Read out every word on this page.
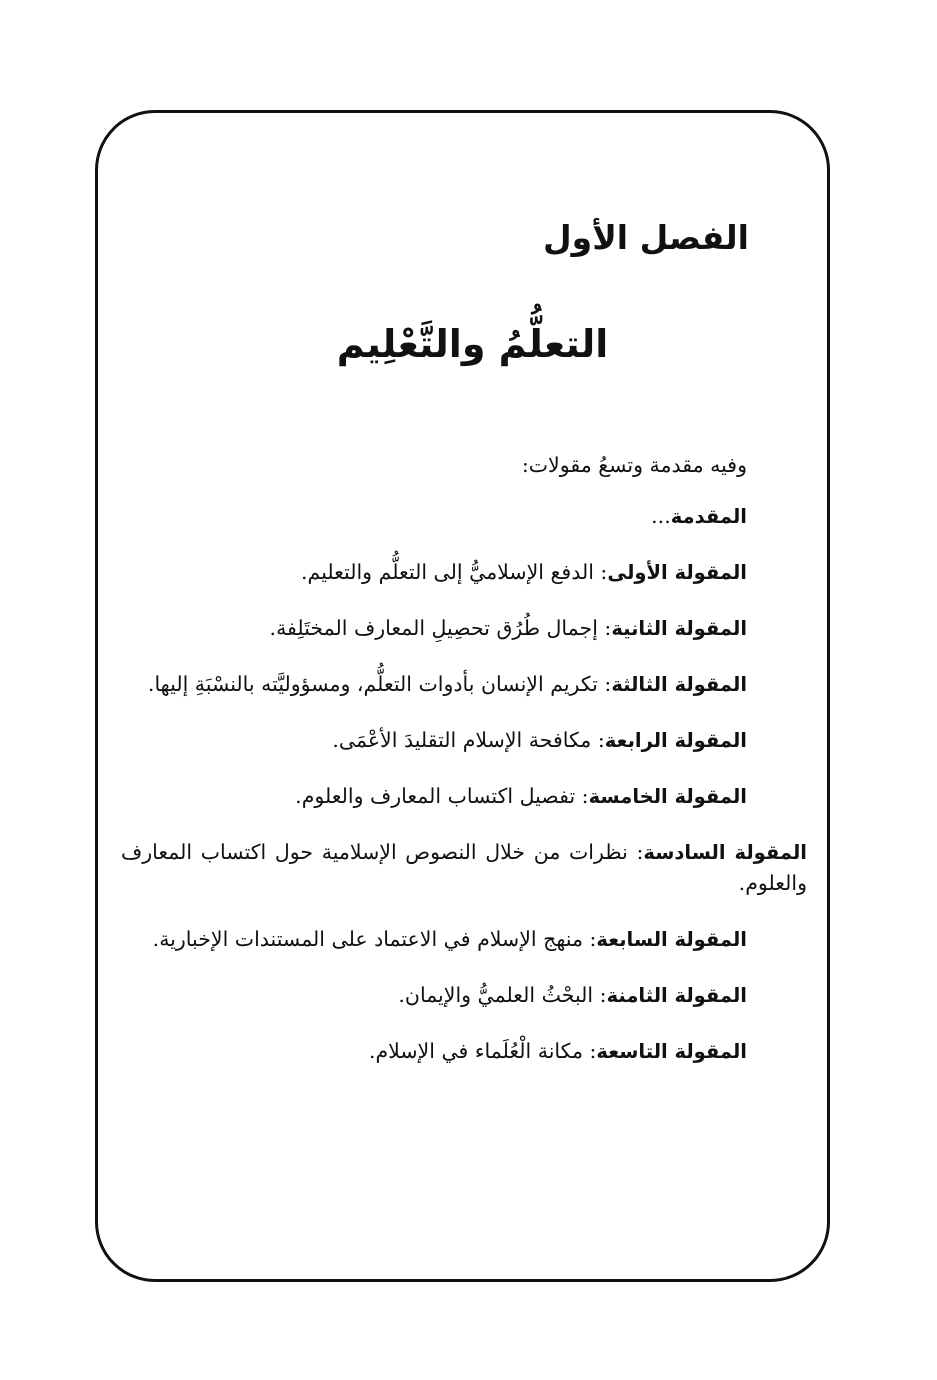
الفصل الأول
التعلُّمُ والتَّعْلِيم

وفيه مقدمة وتسعُ مقولات:

المقدمة...

المقولة الأولى: الدفع الإسلاميُّ إلى التعلُّم والتعليم.

المقولة الثانية: إجمال طُرُق تحصِيلِ المعارف المختَلِفة.

المقولة الثالثة: تكريم الإنسان بأدوات التعلُّم، ومسؤوليَّته بالنسْبَةِ إليها.

المقولة الرابعة: مكافحة الإسلام التقليدَ الأعْمَى.

المقولة الخامسة: تفصيل اكتساب المعارف والعلوم.

المقولة السادسة: نظرات من خلال النصوص الإسلامية حول اكتساب المعارف والعلوم.

المقولة السابعة: منهج الإسلام في الاعتماد على المستندات الإخبارية.

المقولة الثامنة: البحْثُ العلميُّ والإيمان.

المقولة التاسعة: مكانة الْعُلَماء في الإسلام.
